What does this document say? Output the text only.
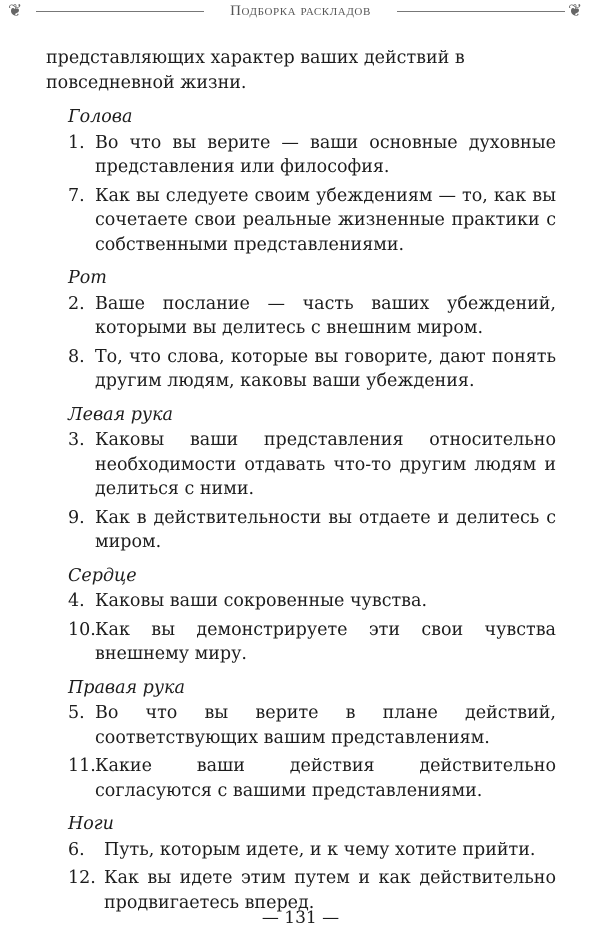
❦	Подборка раскладов	❦

представляющих характер ваших действий в повседневной жизни.

Голова
1. Во что вы верите — ваши основные духовные представления или философия.
7. Как вы следуете своим убеждениям — то, как вы сочетаете свои реальные жизненные практики с собственными представлениями.
Рот
2. Ваше послание — часть ваших убеждений, которыми вы делитесь с внешним миром.
8. То, что слова, которые вы говорите, дают понять другим людям, каковы ваши убеждения.
Левая рука
3. Каковы ваши представления относительно необходимости отдавать что-то другим людям и делиться с ними.
9. Как в действительности вы отдаете и делитесь с миром.
Сердце
4. Каковы ваши сокровенные чувства.
10. Как вы демонстрируете эти свои чувства внешнему миру.
Правая рука
5. Во что вы верите в плане действий, соответствующих вашим представлениям.
11. Какие ваши действия действительно согласуются с вашими представлениями.
Ноги
6.	Путь, которым идете, и к чему хотите прийти.
12. Как вы идете этим путем и как действительно продвигаетесь вперед.
— 131 —
